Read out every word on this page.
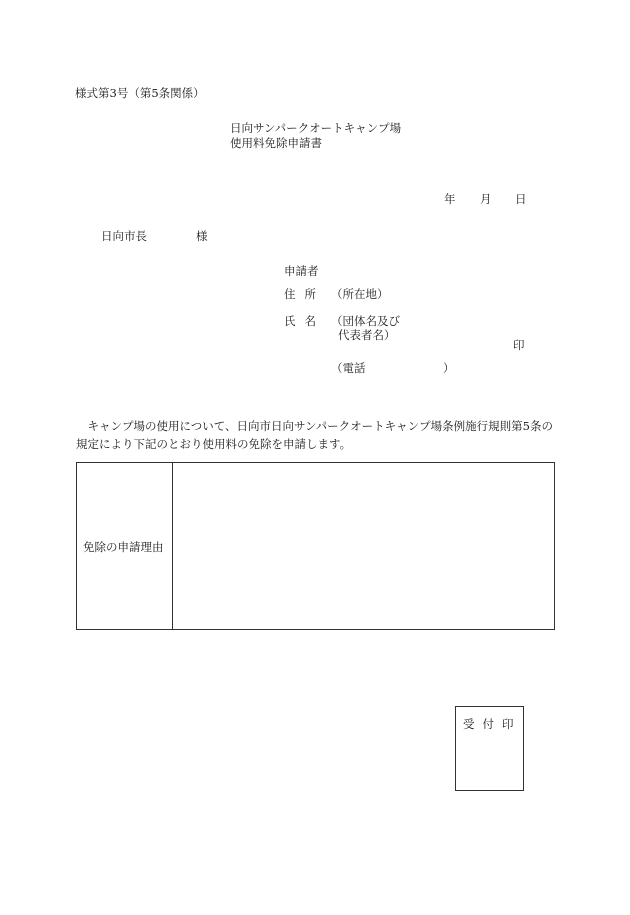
様式第3号（第5条関係）
日向サンパークオートキャンプ場
使用料免除申請書
年 月 日
日向市長	様
申請者
住所 （所在地）
氏名 （団体名及び
代表者名）
印
（電話	）
　キャンプ場の使用について、日向市日向サンパークオートキャンプ場条例施行規則第5条の規定により下記のとおり使用料の免除を申請します。
免除の申請理由
受付印
